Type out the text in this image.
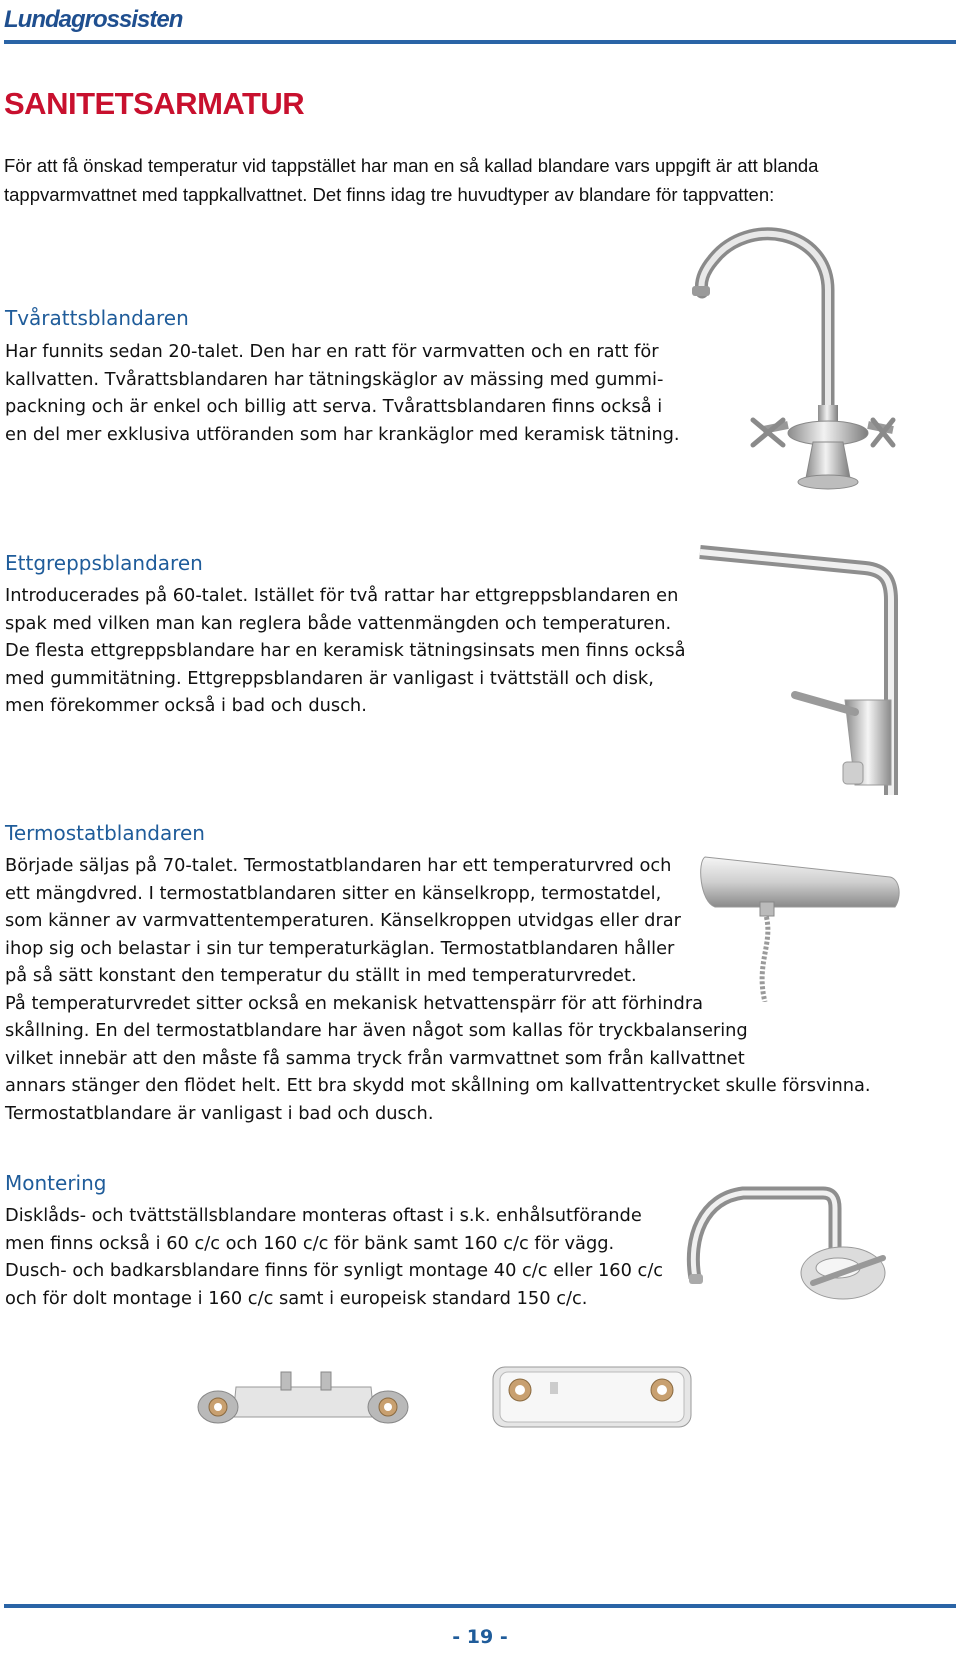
Lundagrossisten
SANITETSARMATUR

För att få önskad temperatur vid tappstället har man en så kallad blandare vars uppgift är att blanda tappvarmvattnet med tappkallvattnet. Det finns idag tre huvudtyper av blandare för tappvatten:

Tvårattsblandaren
Har funnits sedan 20-talet. Den har en ratt för varmvatten och en ratt för
kallvatten. Tvårattsblandaren har tätningskäglor av mässing med gummi-
packning och är enkel och billig att serva. Tvårattsblandaren finns också i
en del mer exklusiva utföranden som har krankäglor med keramisk tätning.
Ettgreppsblandaren
Introducerades på 60-talet. Istället för två rattar har ettgreppsblandaren en
spak med vilken man kan reglera både vattenmängden och temperaturen.
De flesta ettgreppsblandare har en keramisk tätningsinsats men finns också
med gummitätning. Ettgreppsblandaren är vanligast i tvättställ och disk,
men förekommer också i bad och dusch.
Termostatblandaren
Började säljas på 70-talet. Termostatblandaren har ett temperaturvred och
ett mängdvred. I termostatblandaren sitter en känselkropp, termostatdel,
som känner av varmvattentemperaturen. Känselkroppen utvidgas eller drar
ihop sig och belastar i sin tur temperaturkäglan. Termostatblandaren håller
på så sätt konstant den temperatur du ställt in med temperaturvredet.
På temperaturvredet sitter också en mekanisk hetvattenspärr för att förhindra
skållning. En del termostatblandare har även något som kallas för tryckbalansering
vilket innebär att den måste få samma tryck från varmvattnet som från kallvattnet
annars stänger den flödet helt. Ett bra skydd mot skållning om kallvattentrycket skulle försvinna.
Termostatblandare är vanligast i bad och dusch.
Montering
Disklåds- och tvättställsblandare monteras oftast i s.k. enhålsutförande
men finns också i 60 c/c och 160 c/c för bänk samt 160 c/c för vägg.
Dusch- och badkarsblandare finns för synligt montage 40 c/c eller 160 c/c
och för dolt montage i 160 c/c samt i europeisk standard 150 c/c.
- 19 -
